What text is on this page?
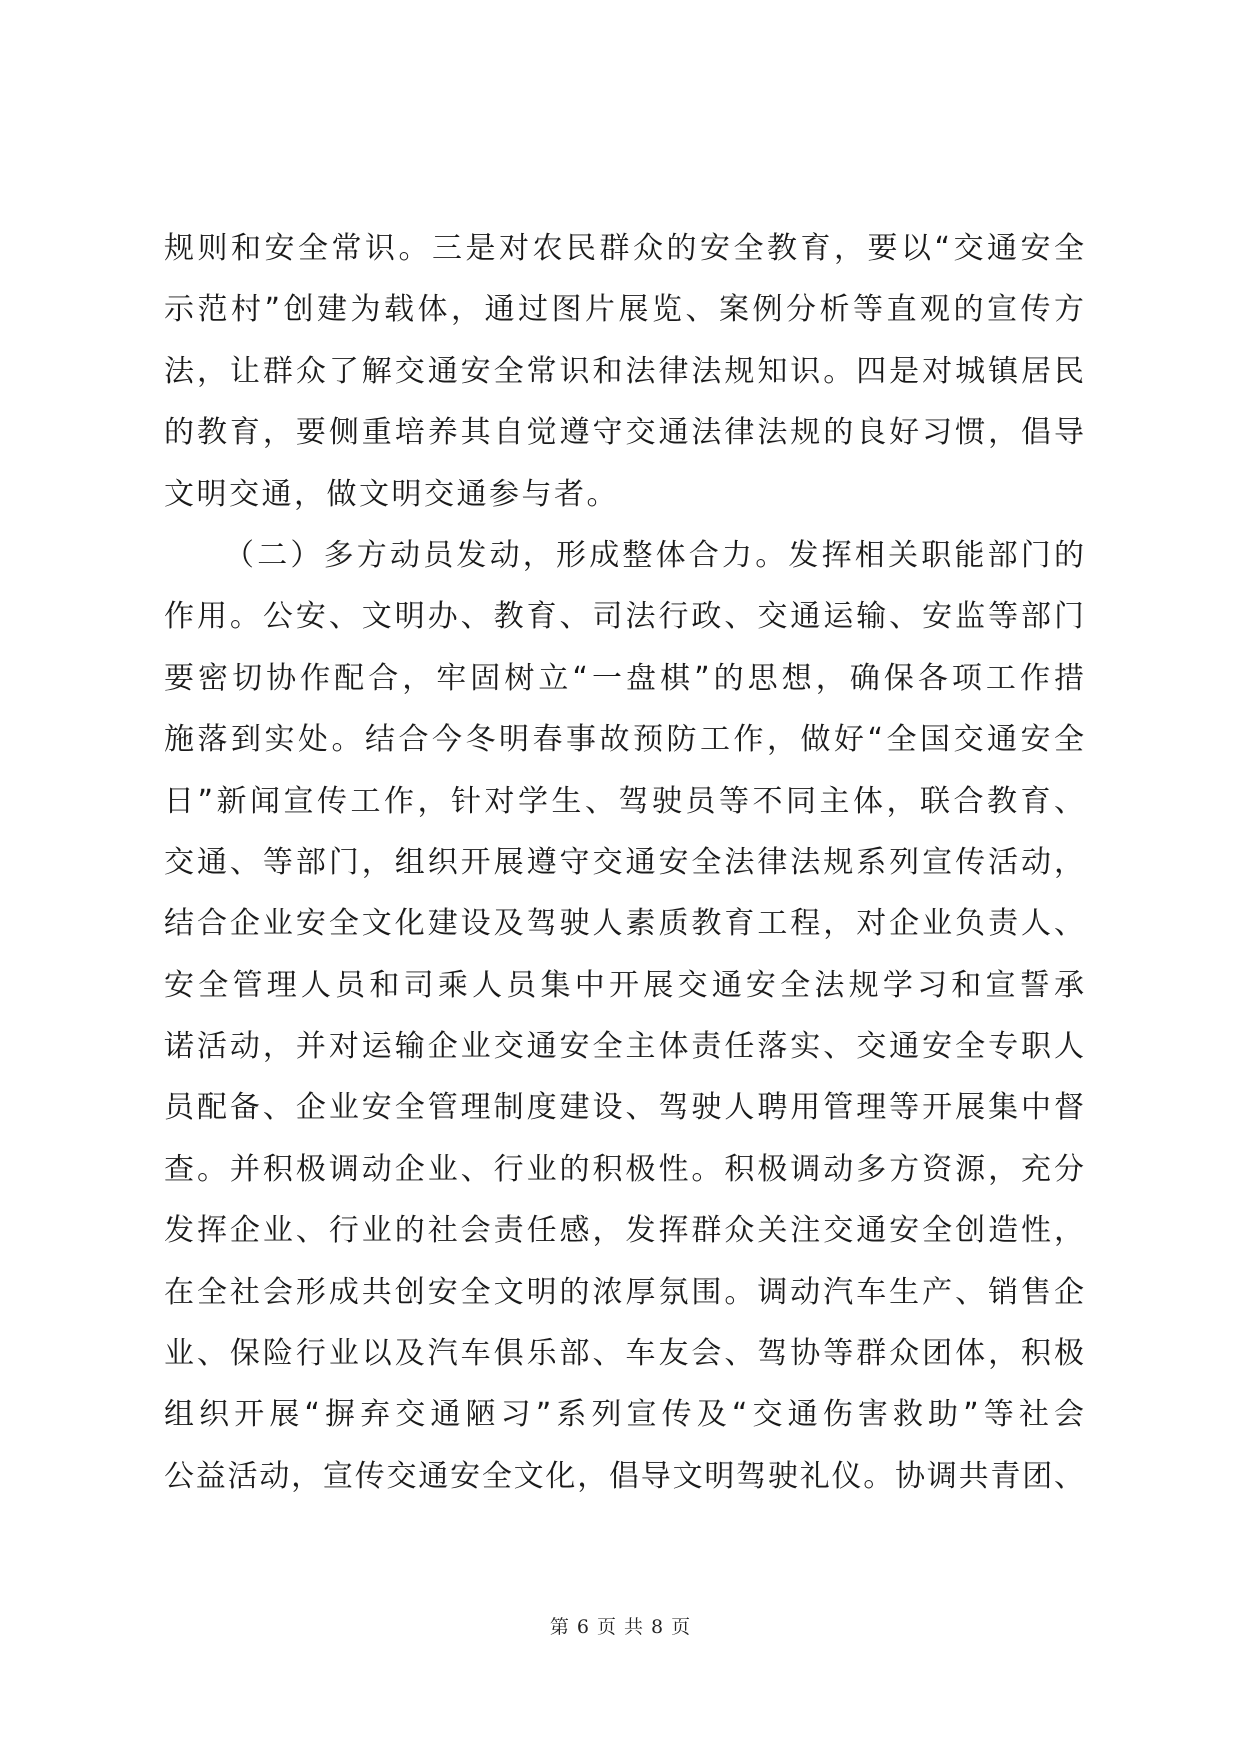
规则和安全常识。三是对农民群众的安全教育，要以“交通安全
示范村”创建为载体，通过图片展览、案例分析等直观的宣传方
法，让群众了解交通安全常识和法律法规知识。四是对城镇居民
的教育，要侧重培养其自觉遵守交通法律法规的良好习惯，倡导
文明交通，做文明交通参与者。
（二）多方动员发动，形成整体合力。发挥相关职能部门的
作用。公安、文明办、教育、司法行政、交通运输、安监等部门
要密切协作配合，牢固树立“一盘棋”的思想，确保各项工作措
施落到实处。结合今冬明春事故预防工作，做好“全国交通安全
日”新闻宣传工作，针对学生、驾驶员等不同主体，联合教育、
交通、等部门，组织开展遵守交通安全法律法规系列宣传活动，
结合企业安全文化建设及驾驶人素质教育工程，对企业负责人、
安全管理人员和司乘人员集中开展交通安全法规学习和宣誓承
诺活动，并对运输企业交通安全主体责任落实、交通安全专职人
员配备、企业安全管理制度建设、驾驶人聘用管理等开展集中督
查。并积极调动企业、行业的积极性。积极调动多方资源，充分
发挥企业、行业的社会责任感，发挥群众关注交通安全创造性，
在全社会形成共创安全文明的浓厚氛围。调动汽车生产、销售企
业、保险行业以及汽车俱乐部、车友会、驾协等群众团体，积极
组织开展“摒弃交通陋习”系列宣传及“交通伤害救助”等社会
公益活动，宣传交通安全文化，倡导文明驾驶礼仪。协调共青团、
第 6 页 共 8 页
